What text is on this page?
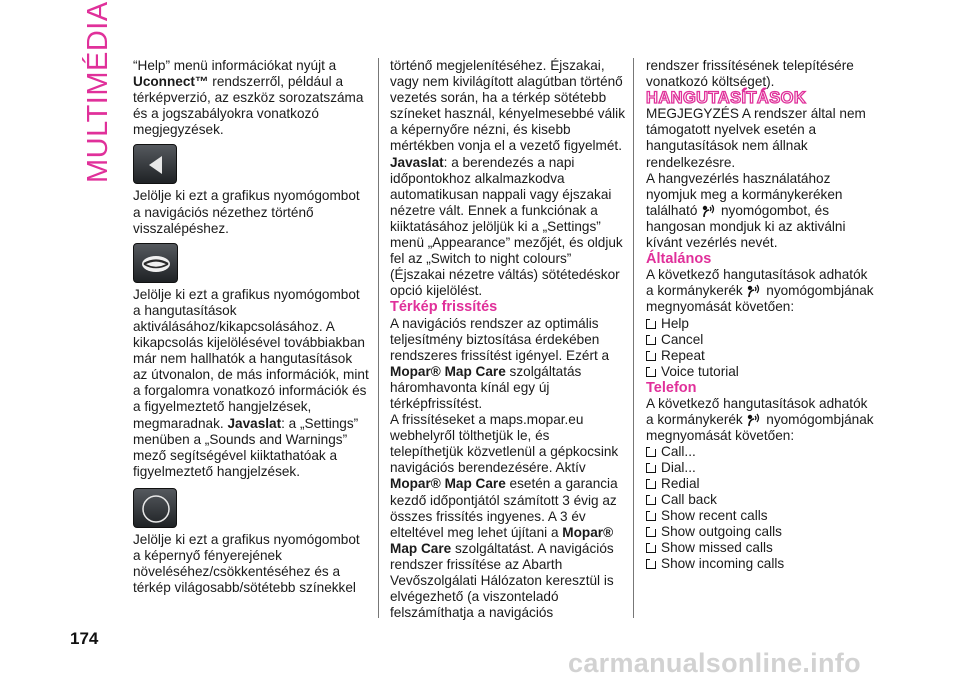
MULTIMÉDIA
174

“Help” menü információkat nyújt a Uconnect™ rendszerről, például a térképverzió, az eszköz sorozatszáma és a jogszabályokra vonatkozó megjegyzések.

Jelölje ki ezt a grafikus nyomógombot a navigációs nézethez történő visszalépéshez.

Jelölje ki ezt a grafikus nyomógombot a hangutasítások aktiválásához/kikapcsolásához. A kikapcsolás kijelölésével továbbiakban már nem hallhatók a hangutasítások az útvonalon, de más információk, mint a forgalomra vonatkozó információk és a figyelmeztető hangjelzések, megmaradnak. Javaslat: a „Settings” menüben a „Sounds and Warnings” mező segítségével kiiktathatóak a figyelmeztető hangjelzések.

Jelölje ki ezt a grafikus nyomógombot a képernyő fényerejének növeléséhez/csökkentéséhez és a térkép világosabb/sötétebb színekkel

történő megjelenítéséhez. Éjszakai, vagy nem kivilágított alagútban történő vezetés során, ha a térkép sötétebb színeket használ, kényelmesebbé válik a képernyőre nézni, és kisebb mértékben vonja el a vezető figyelmét. Javaslat: a berendezés a napi időpontokhoz alkalmazkodva automatikusan nappali vagy éjszakai nézetre vált. Ennek a funkciónak a kiiktatásához jelöljük ki a „Settings” menü „Appearance” mezőjét, és oldjuk fel az „Switch to night colours” (Éjszakai nézetre váltás) sötétedéskor opció kijelölést.

Térkép frissítés

A navigációs rendszer az optimális teljesítmény biztosítása érdekében rendszeres frissítést igényel. Ezért a Mopar® Map Care szolgáltatás háromhavonta kínál egy új térképfrissítést.

A frissítéseket a maps.mopar.eu webhelyről tölthetjük le, és telepíthetjük közvetlenül a gépkocsink navigációs berendezésére. Aktív Mopar® Map Care esetén a garancia kezdő időpontjától számított 3 évig az összes frissítés ingyenes. A 3 év elteltével meg lehet újítani a Mopar® Map Care szolgáltatást. A navigációs rendszer frissítése az Abarth Vevőszolgálati Hálózaton keresztül is elvégezhető (a viszonteladó felszámíthatja a navigációs

rendszer frissítésének telepítésére vonatkozó költséget).

HANGUTASÍTÁSOK

MEGJEGYZÉS A rendszer által nem támogatott nyelvek esetén a hangutasítások nem állnak rendelkezésre.

A hangvezérlés használatához nyomjuk meg a kormánykeréken található nyomógombot, és hangosan mondjuk ki az aktiválni kívánt vezérlés nevét.

Általános

A következő hangutasítások adhatók a kormánykerék nyomógombjának megnyomását követően:

Help
Cancel
Repeat
Voice tutorial

Telefon

A következő hangutasítások adhatók a kormánykerék nyomógombjának megnyomását követően:

Call...
Dial...
Redial
Call back
Show recent calls
Show outgoing calls
Show missed calls
Show incoming calls
carmanualsonline.info
